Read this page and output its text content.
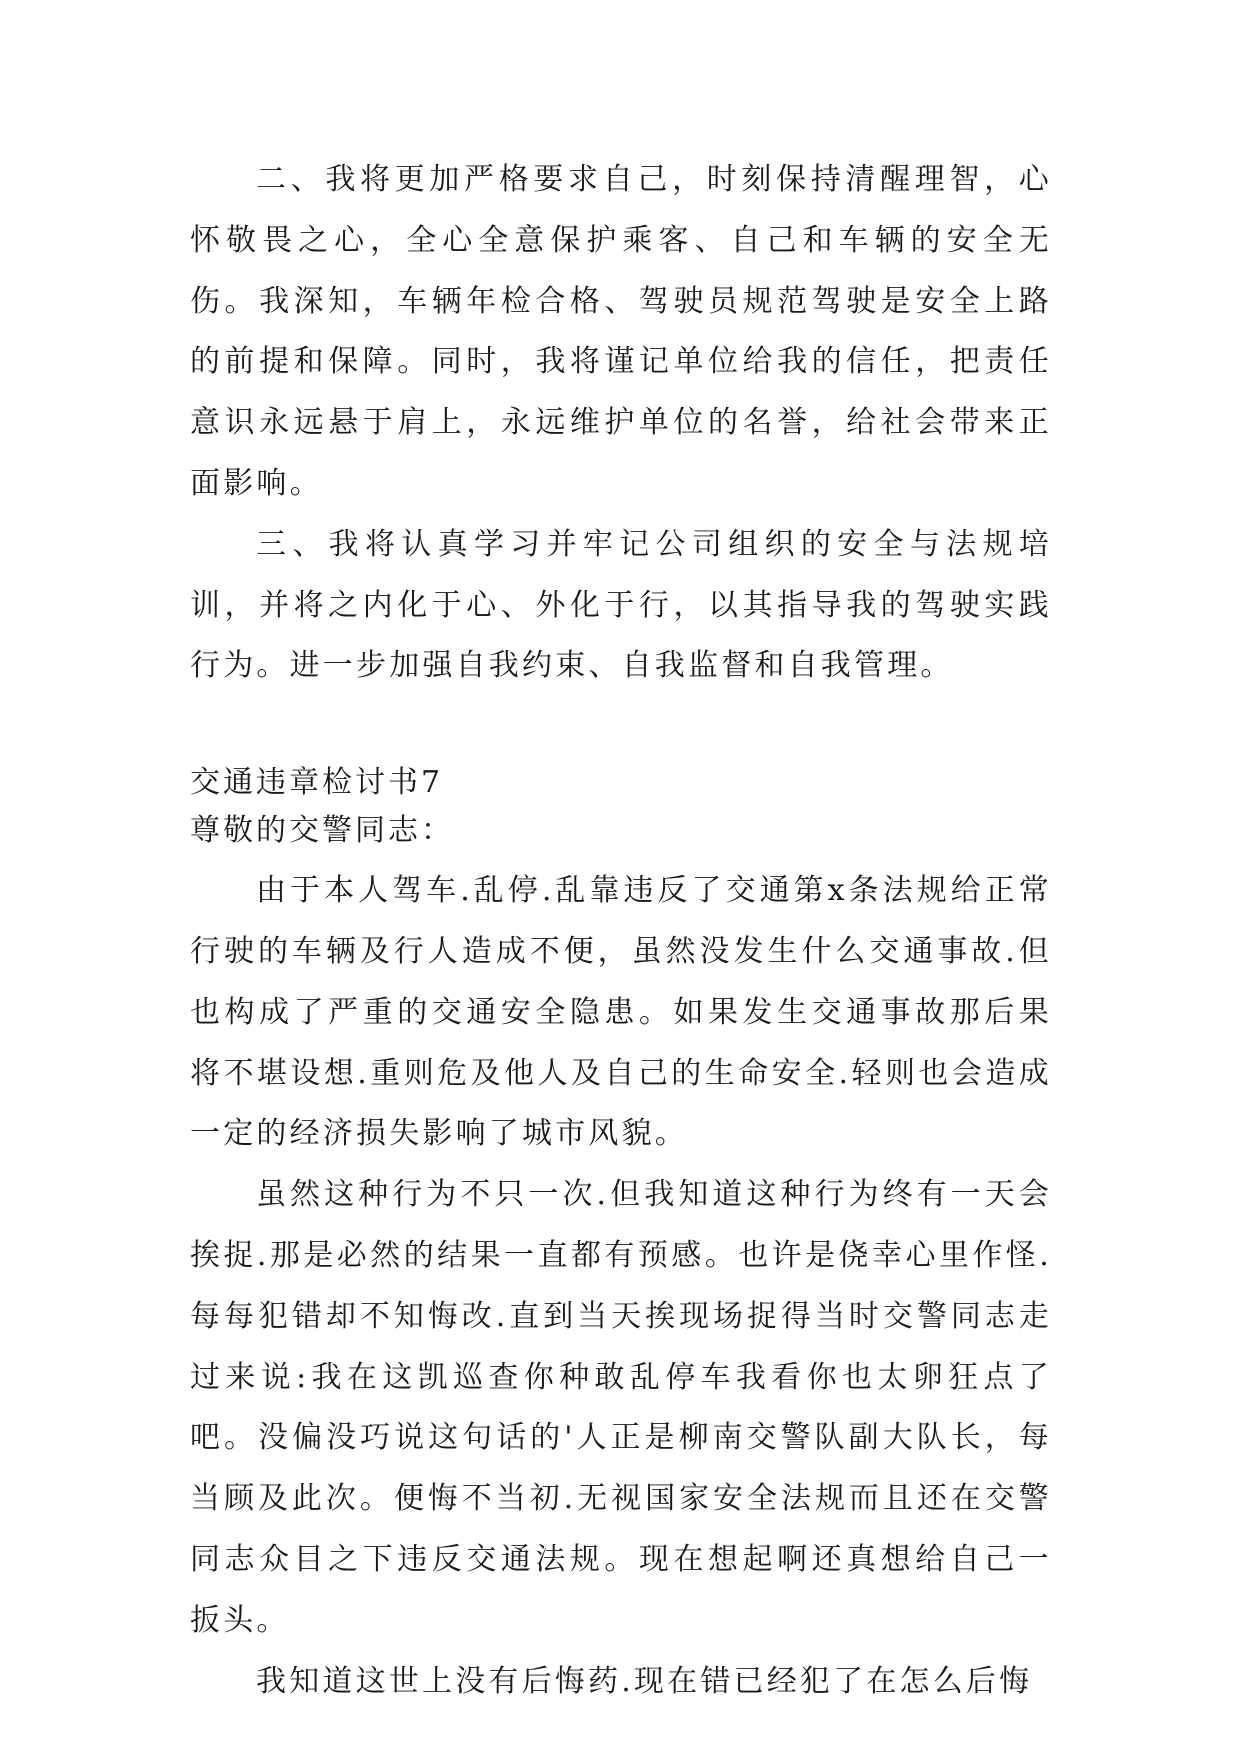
二、我将更加严格要求自己，时刻保持清醒理智，心怀敬畏之心，全心全意保护乘客、自己和车辆的安全无伤。我深知，车辆年检合格、驾驶员规范驾驶是安全上路的前提和保障。同时，我将谨记单位给我的信任，把责任意识永远悬于肩上，永远维护单位的名誉，给社会带来正面影响。

三、我将认真学习并牢记公司组织的安全与法规培训，并将之内化于心、外化于行，以其指导我的驾驶实践行为。进一步加强自我约束、自我监督和自我管理。

交通违章检讨书7

尊敬的交警同志：

由于本人驾车.乱停.乱靠违反了交通第x条法规给正常行驶的车辆及行人造成不便，虽然没发生什么交通事故.但也构成了严重的交通安全隐患。如果发生交通事故那后果将不堪设想.重则危及他人及自己的生命安全.轻则也会造成一定的经济损失影响了城市风貌。

虽然这种行为不只一次.但我知道这种行为终有一天会挨捉.那是必然的结果一直都有预感。也许是侥幸心里作怪.每每犯错却不知悔改.直到当天挨现场捉得当时交警同志走过来说:我在这凯巡查你种敢乱停车我看你也太卵狂点了吧。没偏没巧说这句话的'人正是柳南交警队副大队长，每当顾及此次。便悔不当初.无视国家安全法规而且还在交警同志众目之下违反交通法规。现在想起啊还真想给自己一扳头。

我知道这世上没有后悔药.现在错已经犯了在怎么后悔
